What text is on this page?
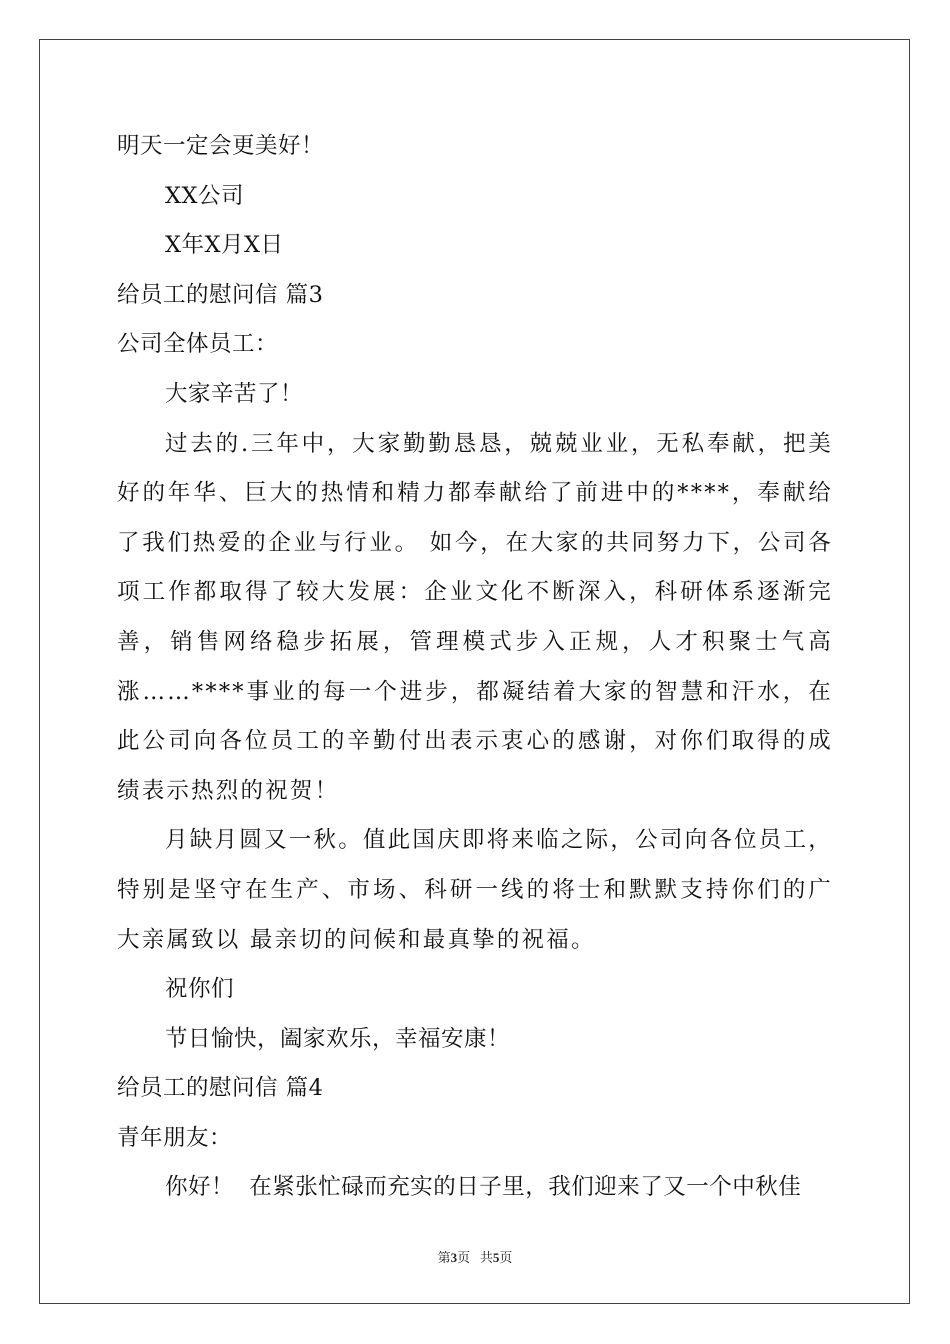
明天一定会更美好！
XX公司
X年X月X日
给员工的慰问信 篇3
公司全体员工：
大家辛苦了！
过去的.三年中，大家勤勤恳恳，兢兢业业，无私奉献，把美好的年华、巨大的热情和精力都奉献给了前进中的****，奉献给了我们热爱的企业与行业。 如今，在大家的共同努力下，公司各项工作都取得了较大发展：企业文化不断深入，科研体系逐渐完善，销售网络稳步拓展，管理模式步入正规，人才积聚士气高涨……****事业的每一个进步，都凝结着大家的智慧和汗水，在此公司向各位员工的辛勤付出表示衷心的感谢，对你们取得的成绩表示热烈的祝贺！
月缺月圆又一秋。值此国庆即将来临之际，公司向各位员工，特别是坚守在生产、市场、科研一线的将士和默默支持你们的广大亲属致以 最亲切的问候和最真挚的祝福。
祝你们
节日愉快，阖家欢乐，幸福安康！
给员工的慰问信 篇4
青年朋友：
你好！  在紧张忙碌而充实的日子里，我们迎来了又一个中秋佳
第3页 共5页
